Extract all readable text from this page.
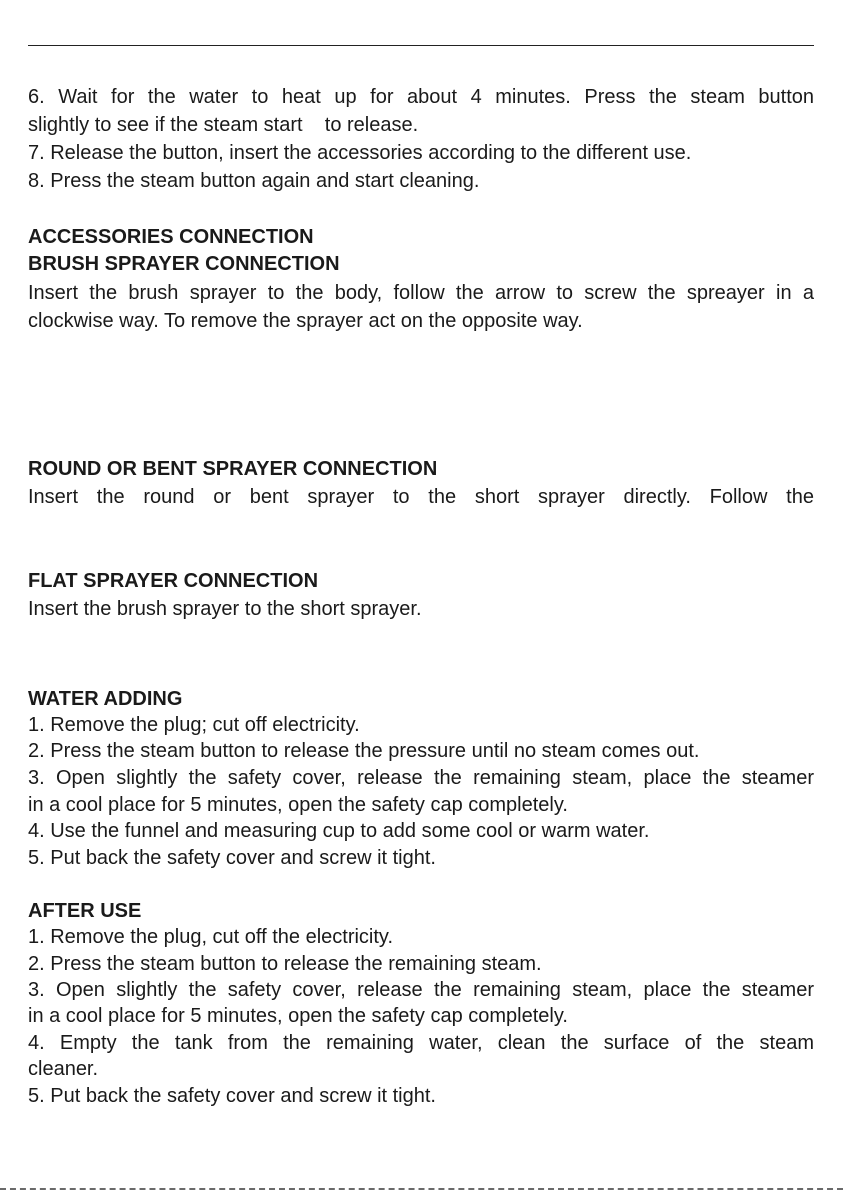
6. Wait for the water to heat up for about 4 minutes. Press the steam button

slightly to see if the steam start    to release.

7. Release the button, insert the accessories according to the different use.

8. Press the steam button again and start cleaning.

ACCESSORIES CONNECTION

BRUSH SPRAYER CONNECTION

Insert the brush sprayer to the body, follow the arrow to screw the spreayer in a

clockwise way. To remove the sprayer act on the opposite way.

ROUND OR BENT SPRAYER CONNECTION

Insert the round or bent sprayer to the short sprayer directly. Follow the

FLAT SPRAYER CONNECTION

Insert the brush sprayer to the short sprayer.

WATER ADDING

1. Remove the plug; cut off electricity.

2. Press the steam button to release the pressure until no steam comes out.

3. Open slightly the safety cover, release the remaining steam, place the steamer

in a cool place for 5 minutes, open the safety cap completely.

4. Use the funnel and measuring cup to add some cool or warm water.

5. Put back the safety cover and screw it tight.

AFTER USE

1. Remove the plug, cut off the electricity.

2. Press the steam button to release the remaining steam.

3. Open slightly the safety cover, release the remaining steam, place the steamer

in a cool place for 5 minutes, open the safety cap completely.

4. Empty the tank from the remaining water, clean the surface of the steam

cleaner.

5. Put back the safety cover and screw it tight.
